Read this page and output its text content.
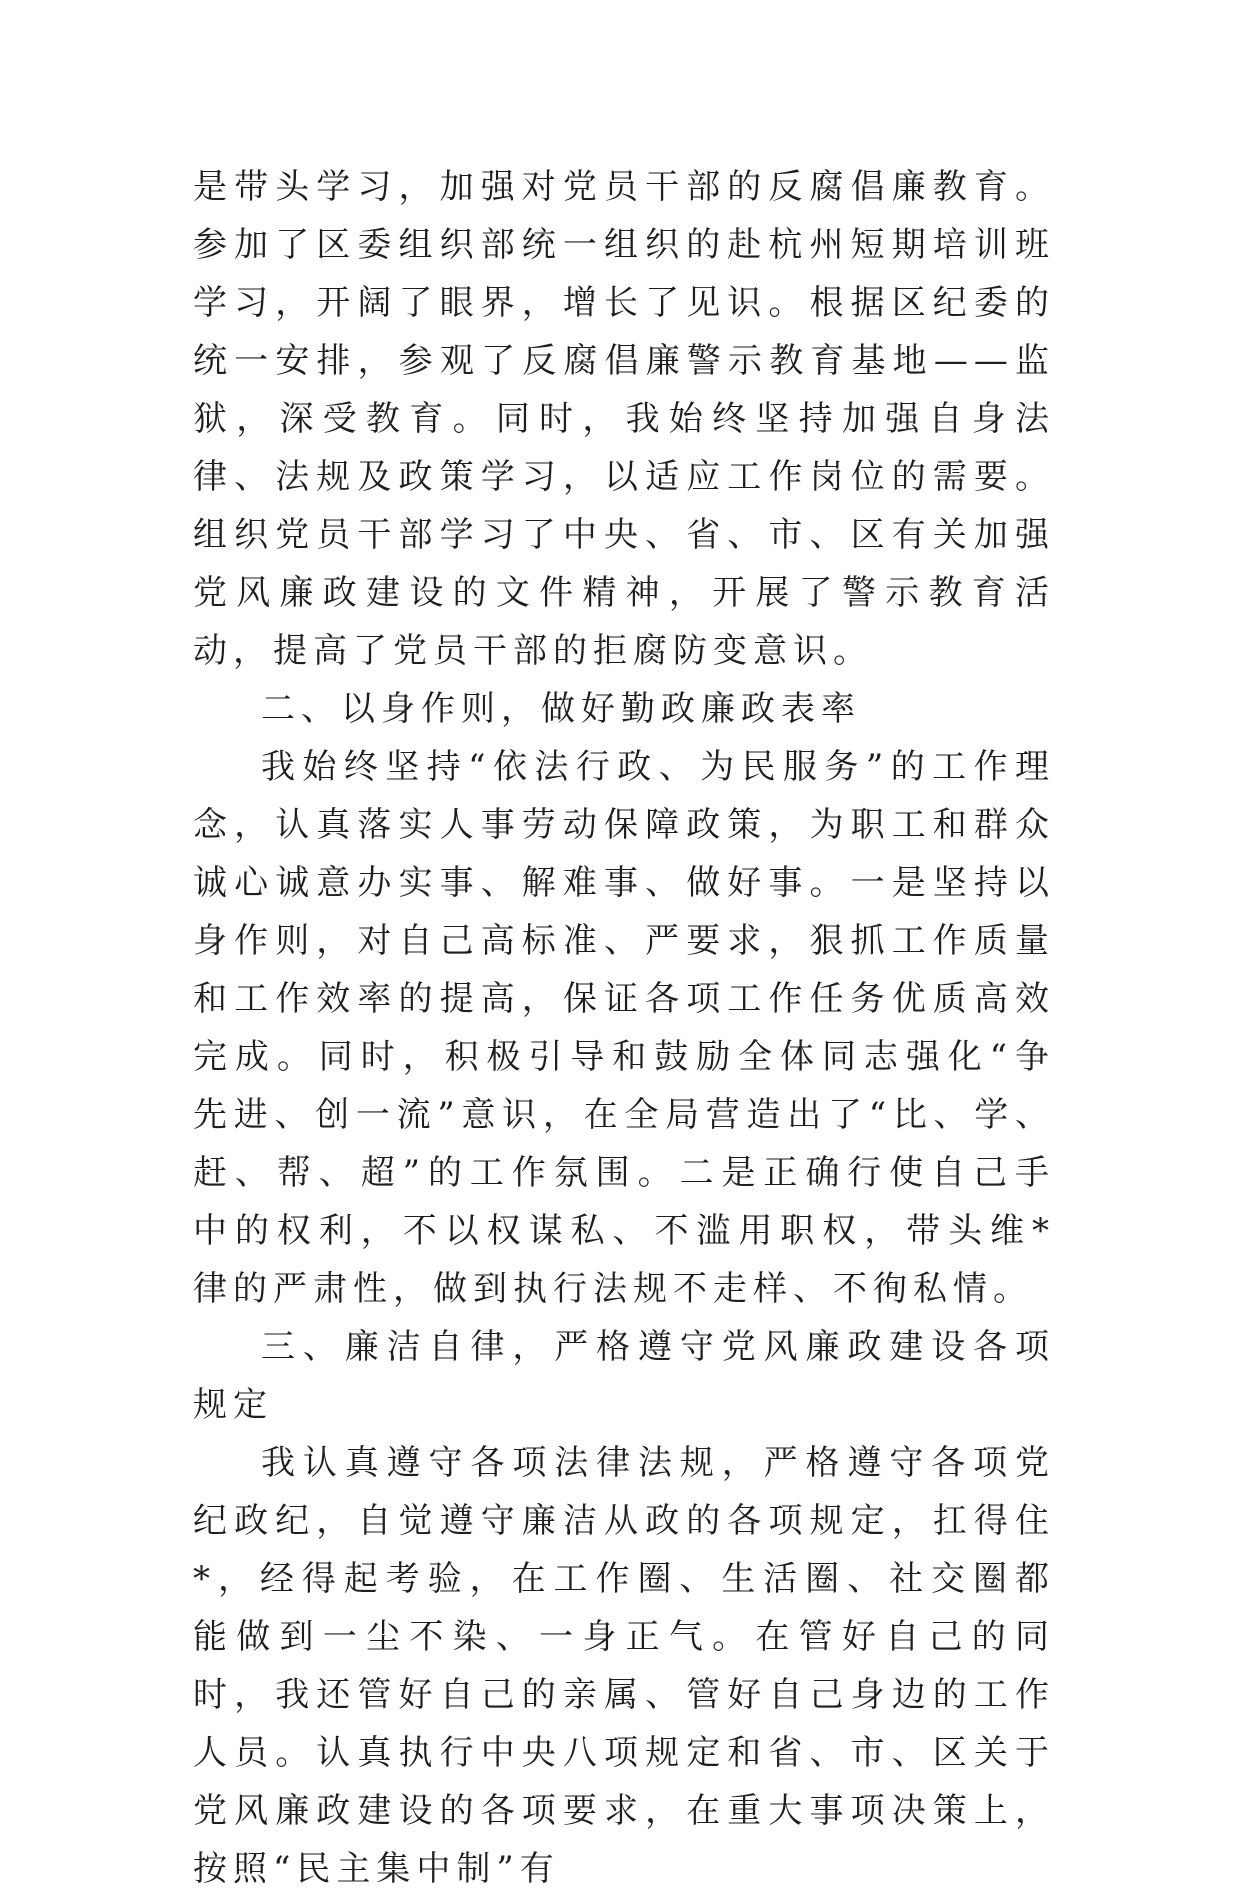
是带头学习，加强对党员干部的反腐倡廉教育。参加了区委组织部统一组织的赴杭州短期培训班学习，开阔了眼界，增长了见识。根据区纪委的统一安排，参观了反腐倡廉警示教育基地——监狱，深受教育。同时，我始终坚持加强自身法律、法规及政策学习，以适应工作岗位的需要。组织党员干部学习了中央、省、市、区有关加强党风廉政建设的文件精神，开展了警示教育活动，提高了党员干部的拒腐防变意识。

二、以身作则，做好勤政廉政表率

我始终坚持“依法行政、为民服务”的工作理念，认真落实人事劳动保障政策，为职工和群众诚心诚意办实事、解难事、做好事。一是坚持以身作则，对自己高标准、严要求，狠抓工作质量和工作效率的提高，保证各项工作任务优质高效完成。同时，积极引导和鼓励全体同志强化“争先进、创一流”意识，在全局营造出了“比、学、赶、帮、超”的工作氛围。二是正确行使自己手中的权利，不以权谋私、不滥用职权，带头维*律的严肃性，做到执行法规不走样、不徇私情。

三、廉洁自律，严格遵守党风廉政建设各项规定

我认真遵守各项法律法规，严格遵守各项党纪政纪，自觉遵守廉洁从政的各项规定，扛得住*，经得起考验，在工作圈、生活圈、社交圈都能做到一尘不染、一身正气。在管好自己的同时，我还管好自己的亲属、管好自己身边的工作人员。认真执行中央八项规定和省、市、区关于党风廉政建设的各项要求，在重大事项决策上，按照“民主集中制”有
